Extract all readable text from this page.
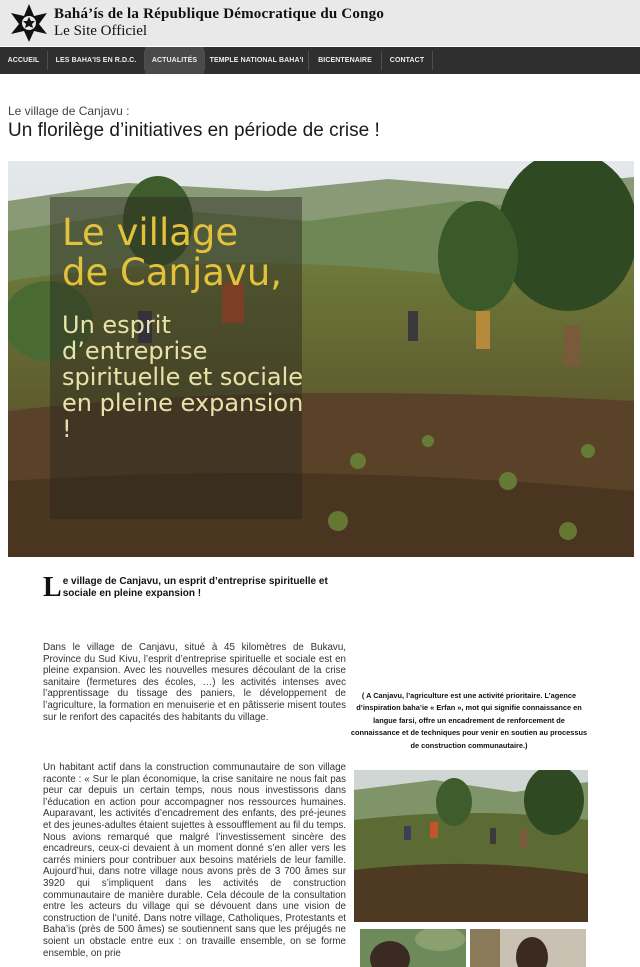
Bahá’ís de la République Démocratique du Congo
Le Site Officiel
ACCUEIL	LES BAHA'IS EN R.D.C.	ACTUALITÉS	TEMPLE NATIONAL BAHA'I	BICENTENAIRE	CONTACT
Le village de Canjavu :
Un florilège d’initiatives en période de crise !
Le village de Canjavu,
Un esprit d’entreprise spirituelle et sociale en pleine expansion !
L e village de Canjavu, un esprit d’entreprise spirituelle et sociale en pleine expansion !
Dans le village de Canjavu, situé à 45 kilomètres de Bukavu, Province du Sud Kivu, l’esprit d’entreprise spirituelle et sociale est en pleine expansion. Avec les nouvelles mesures découlant de la crise sanitaire (fermetures des écoles, …) les activités intenses avec l’apprentissage du tissage des paniers, le développement de l’agriculture, la formation en menuiserie et en pâtisserie misent toutes sur le renfort des capacités des habitants du village.
Un habitant actif dans la construction communautaire de son village raconte : « Sur le plan économique, la crise sanitaire ne nous fait pas peur car depuis un certain temps, nous nous investissons dans l’éducation en action pour accompagner nos ressources humaines. Auparavant, les activités d’encadrement des enfants, des pré-jeunes et des jeunes-adultes étaient sujettes à essoufflement au fil du temps. Nous avions remarqué que malgré l’investissement sincère des encadreurs, ceux-ci devaient à un moment donné s’en aller vers les carrés miniers pour contribuer aux besoins matériels de leur famille. Aujourd’hui, dans notre village nous avons près de 3 700 âmes sur 3920 qui s’impliquent dans les activités de construction communautaire de manière durable. Cela découle de la consultation entre les acteurs du village qui se dévouent dans une vision de construction de l’unité. Dans notre village, Catholiques, Protestants et Baha’is (près de 500 âmes) se soutiennent sans que les préjugés ne soient un obstacle entre eux : on travaille ensemble, on se forme ensemble, on prie
( A Canjavu, l’agriculture est une activité prioritaire. L’agence d’inspiration baha’ie « Erfan », mot qui signifie connaissance en langue farsi, offre un encadrement de renforcement de connaissance et de techniques pour venir en soutien au processus de construction communautaire.)
